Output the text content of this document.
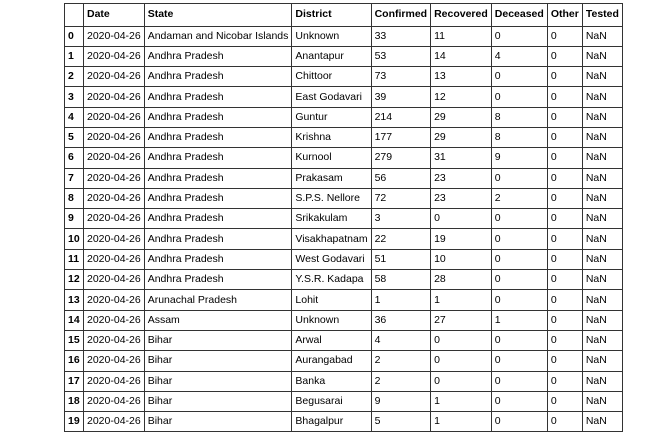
	Date	State	District	Confirmed	Recovered	Deceased	Other	Tested
0	2020-04-26	Andaman and Nicobar Islands	Unknown	33	11	0	0	NaN
1	2020-04-26	Andhra Pradesh	Anantapur	53	14	4	0	NaN
2	2020-04-26	Andhra Pradesh	Chittoor	73	13	0	0	NaN
3	2020-04-26	Andhra Pradesh	East Godavari	39	12	0	0	NaN
4	2020-04-26	Andhra Pradesh	Guntur	214	29	8	0	NaN
5	2020-04-26	Andhra Pradesh	Krishna	177	29	8	0	NaN
6	2020-04-26	Andhra Pradesh	Kurnool	279	31	9	0	NaN
7	2020-04-26	Andhra Pradesh	Prakasam	56	23	0	0	NaN
8	2020-04-26	Andhra Pradesh	S.P.S. Nellore	72	23	2	0	NaN
9	2020-04-26	Andhra Pradesh	Srikakulam	3	0	0	0	NaN
10	2020-04-26	Andhra Pradesh	Visakhapatnam	22	19	0	0	NaN
11	2020-04-26	Andhra Pradesh	West Godavari	51	10	0	0	NaN
12	2020-04-26	Andhra Pradesh	Y.S.R. Kadapa	58	28	0	0	NaN
13	2020-04-26	Arunachal Pradesh	Lohit	1	1	0	0	NaN
14	2020-04-26	Assam	Unknown	36	27	1	0	NaN
15	2020-04-26	Bihar	Arwal	4	0	0	0	NaN
16	2020-04-26	Bihar	Aurangabad	2	0	0	0	NaN
17	2020-04-26	Bihar	Banka	2	0	0	0	NaN
18	2020-04-26	Bihar	Begusarai	9	1	0	0	NaN
19	2020-04-26	Bihar	Bhagalpur	5	1	0	0	NaN
